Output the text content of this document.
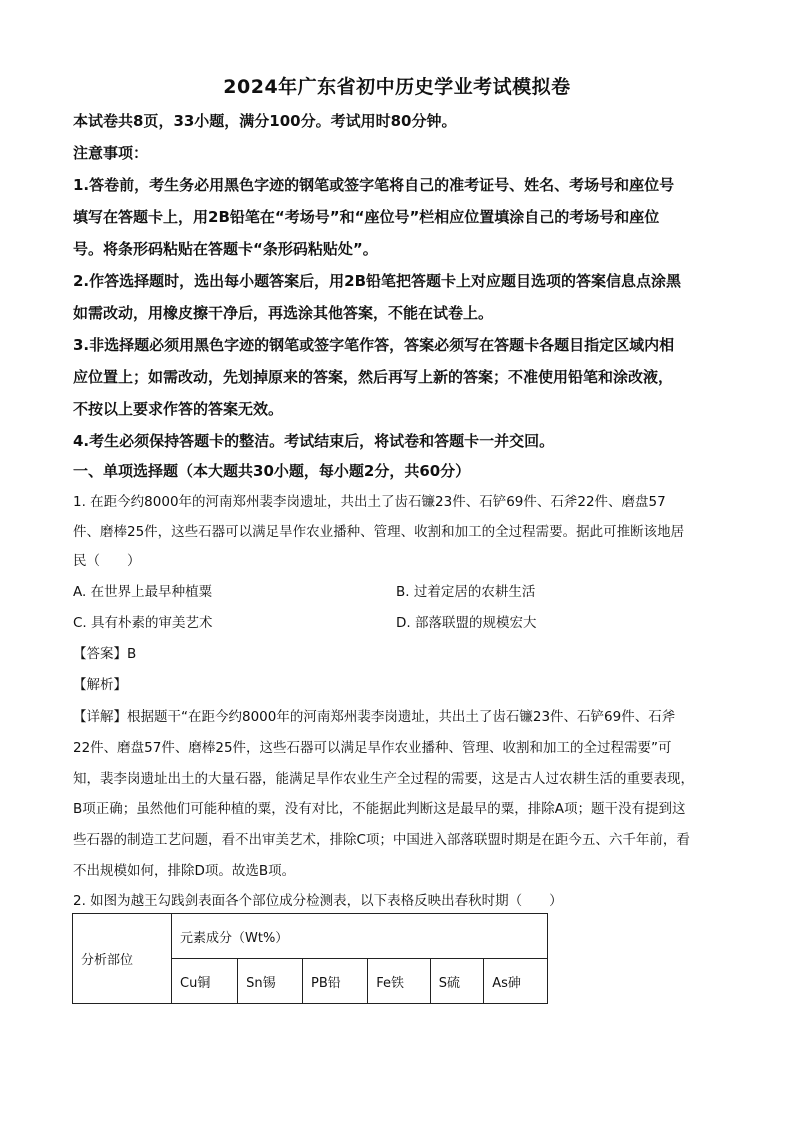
2024年广东省初中历史学业考试模拟卷
本试卷共8页，33小题，满分100分。考试用时80分钟。
注意事项：
1.答卷前，考生务必用黑色字迹的钢笔或签字笔将自己的准考证号、姓名、考场号和座位号
填写在答题卡上，用2B铅笔在“考场号”和“座位号”栏相应位置填涂自己的考场号和座位
号。将条形码粘贴在答题卡“条形码粘贴处”。
2.作答选择题时，选出每小题答案后，用2B铅笔把答题卡上对应题目选项的答案信息点涂黑
如需改动，用橡皮擦干净后，再选涂其他答案，不能在试卷上。
3.非选择题必须用黑色字迹的钢笔或签字笔作答，答案必须写在答题卡各题目指定区域内相
应位置上；如需改动，先划掉原来的答案，然后再写上新的答案；不准使用铅笔和涂改液，
不按以上要求作答的答案无效。
4.考生必须保持答题卡的整洁。考试结束后，将试卷和答题卡一并交回。
一、单项选择题（本大题共30小题，每小题2分，共60分）
1. 在距今约8000年的河南郑州裴李岗遗址，共出土了齿石镰23件、石铲69件、石斧22件、磨盘57
件、磨棒25件，这些石器可以满足旱作农业播种、管理、收割和加工的全过程需要。据此可推断该地居
民（　　）
A. 在世界上最早种植粟	B. 过着定居的农耕生活
C. 具有朴素的审美艺术	D. 部落联盟的规模宏大
【答案】B
【解析】
【详解】根据题干“在距今约8000年的河南郑州裴李岗遗址，共出土了齿石镰23件、石铲69件、石斧
22件、磨盘57件、磨棒25件，这些石器可以满足旱作农业播种、管理、收割和加工的全过程需要”可
知，裴李岗遗址出土的大量石器，能满足旱作农业生产全过程的需要，这是古人过农耕生活的重要表现，
B项正确；虽然他们可能种植的粟，没有对比，不能据此判断这是最早的粟，排除A项；题干没有提到这
些石器的制造工艺问题，看不出审美艺术，排除C项；中国进入部落联盟时期是在距今五、六千年前，看
不出规模如何，排除D项。故选B项。
2. 如图为越王勾践剑表面各个部位成分检测表，以下表格反映出春秋时期（　　）
分析部位	元素成分（Wt%）					
	Cu铜	Sn锡	PB铅	Fe铁	S硫	As砷
